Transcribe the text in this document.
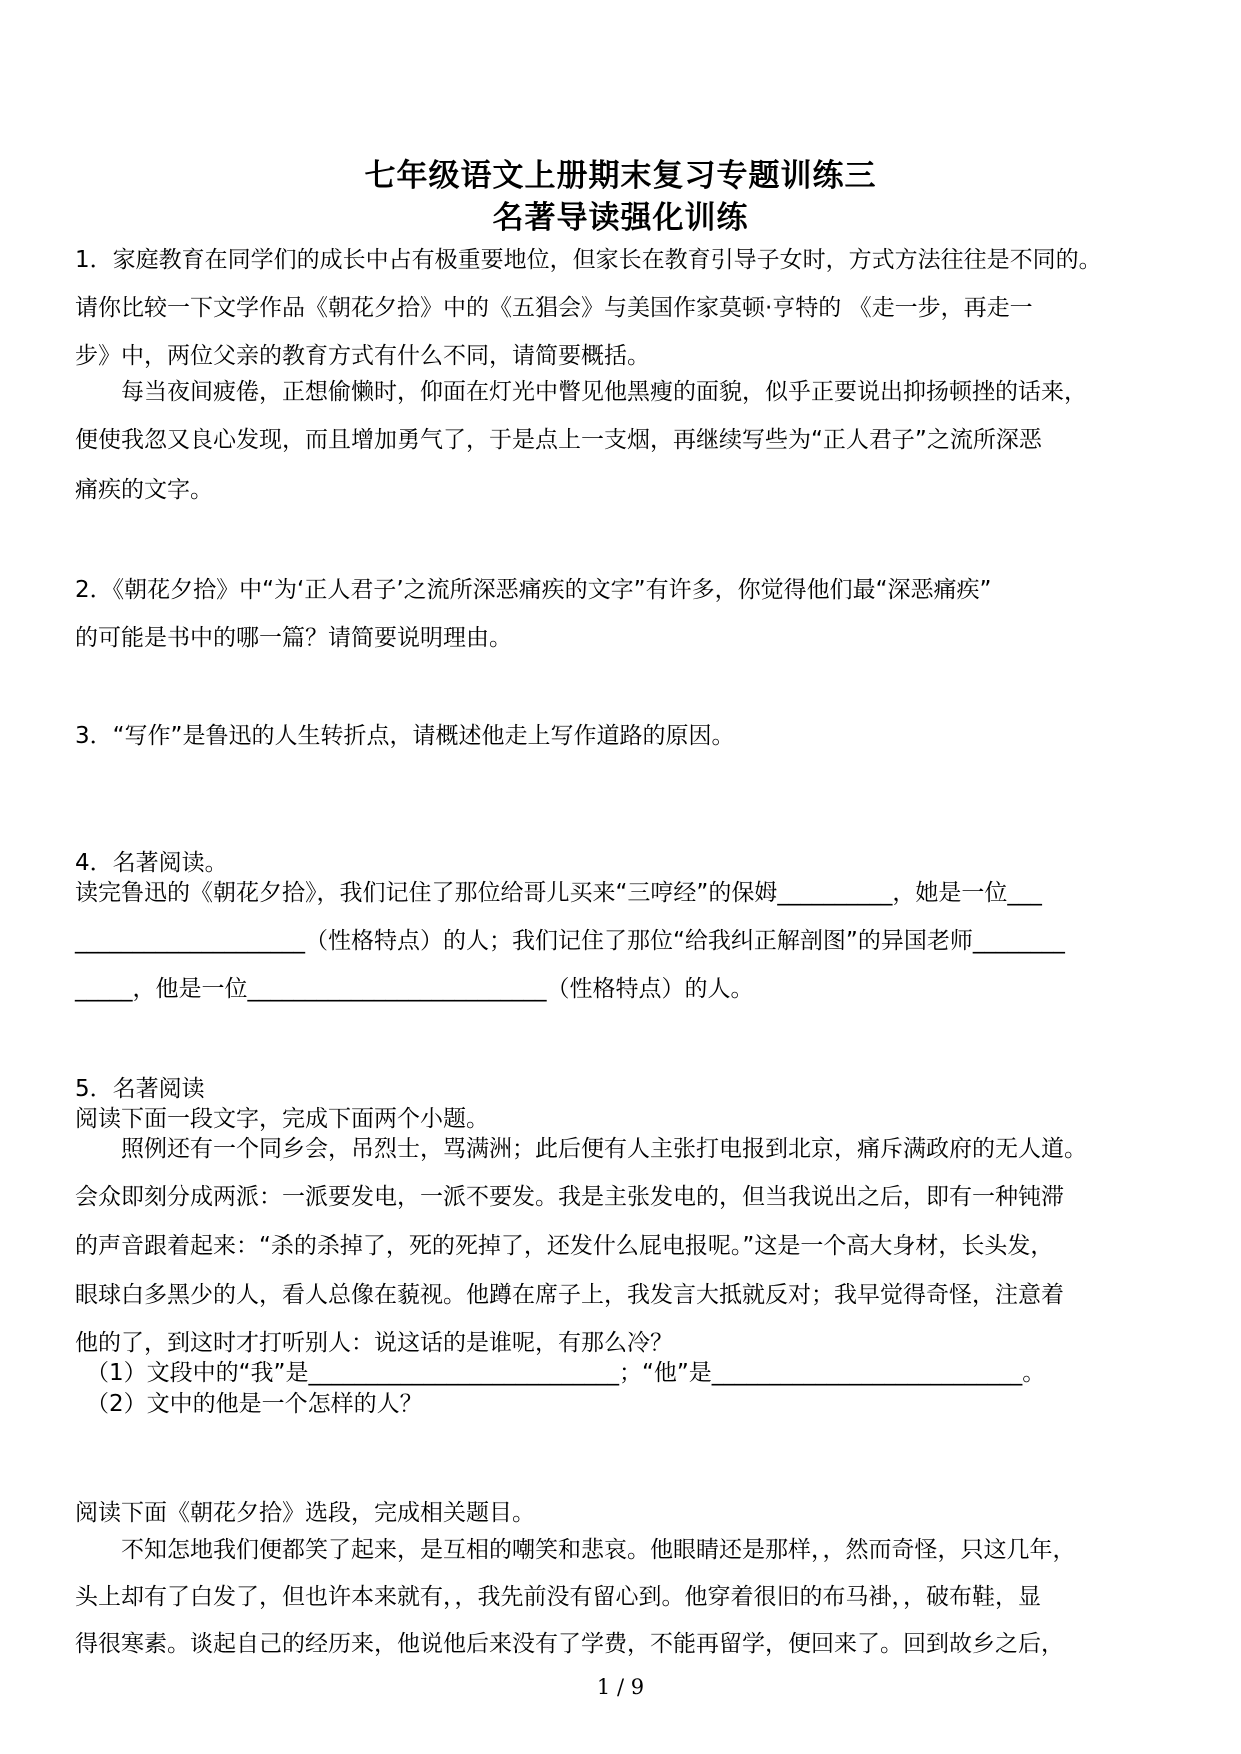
七年级语文上册期末复习专题训练三
名著导读强化训练
1．家庭教育在同学们的成长中占有极重要地位，但家长在教育引导子女时，方式方法往往是不同的。
请你比较一下文学作品《朝花夕拾》中的《五猖会》与美国作家莫顿·亨特的 《走一步，再走一
步》中，两位父亲的教育方式有什么不同，请简要概括。
每当夜间疲倦，正想偷懒时，仰面在灯光中瞥见他黑瘦的面貌，似乎正要说出抑扬顿挫的话来，
便使我忽又良心发现，而且增加勇气了，于是点上一支烟，再继续写些为“正人君子”之流所深恶
痛疾的文字。
2．《朝花夕拾》中“为‘正人君子’之流所深恶痛疾的文字”有许多，你觉得他们最“深恶痛疾”
的可能是书中的哪一篇？请简要说明理由。
3．“写作”是鲁迅的人生转折点，请概述他走上写作道路的原因。
4．名著阅读。
读完鲁迅的《朝花夕拾》，我们记住了那位给哥儿买来“三哼经”的保姆__________，她是一位___
____________________（性格特点）的人；我们记住了那位“给我纠正解剖图”的异国老师________
_____，他是一位__________________________（性格特点）的人。
5．名著阅读
阅读下面一段文字，完成下面两个小题。
照例还有一个同乡会，吊烈士，骂满洲；此后便有人主张打电报到北京，痛斥满政府的无人道。
会众即刻分成两派：一派要发电，一派不要发。我是主张发电的，但当我说出之后，即有一种钝滞
的声音跟着起来：“杀的杀掉了，死的死掉了，还发什么屁电报呢。”这是一个高大身材，长头发，
眼球白多黑少的人，看人总像在藐视。他蹲在席子上，我发言大抵就反对；我早觉得奇怪，注意着
他的了，到这时才打听别人：说这话的是谁呢，有那么冷？
（1）文段中的“我”是___________________________；“他”是___________________________。
（2）文中的他是一个怎样的人？
阅读下面《朝花夕拾》选段，完成相关题目。
不知怎地我们便都笑了起来，是互相的嘲笑和悲哀。他眼睛还是那样，，然而奇怪，只这几年，
头上却有了白发了，但也许本来就有，，我先前没有留心到。他穿着很旧的布马褂，，破布鞋，显
得很寒素。谈起自己的经历来，他说他后来没有了学费，不能再留学，便回来了。回到故乡之后，
1 / 9
